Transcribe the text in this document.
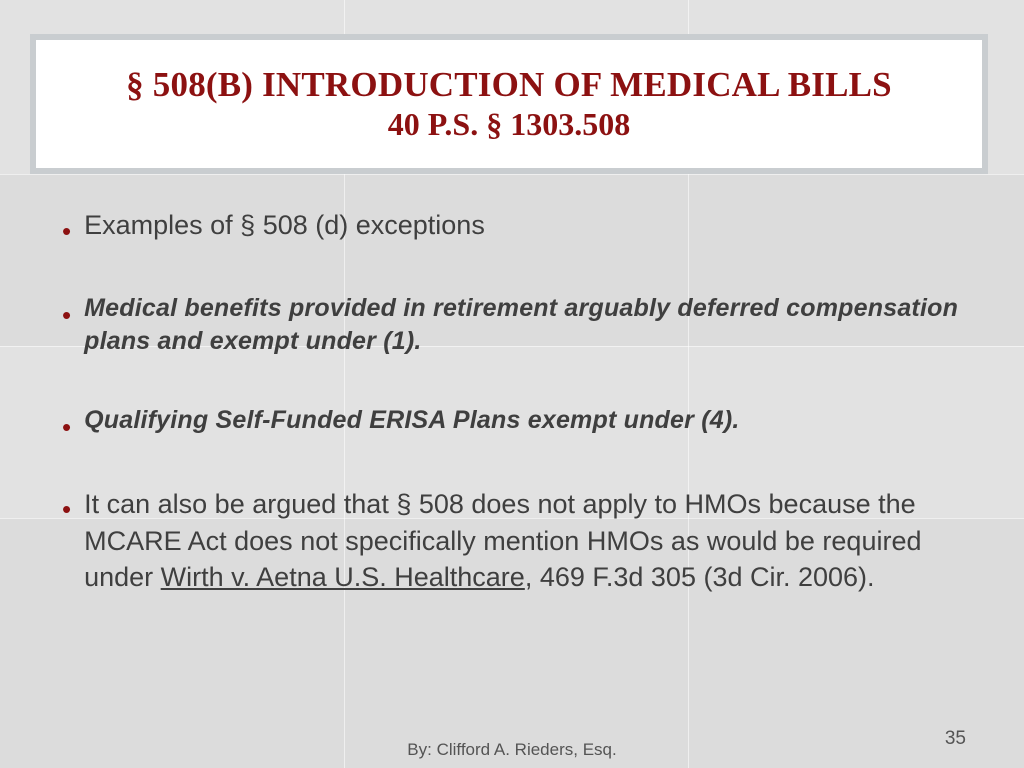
§ 508(B) INTRODUCTION OF MEDICAL BILLS
40 P.S. § 1303.508
• Examples of § 508 (d) exceptions
• Medical benefits provided in retirement arguably deferred compensation plans and exempt under (1).
• Qualifying Self-Funded ERISA Plans exempt under (4).
• It can also be argued that § 508 does not apply to HMOs because the MCARE Act does not specifically mention HMOs as would be required under Wirth v. Aetna U.S. Healthcare, 469 F.3d 305 (3d Cir. 2006).
By: Clifford A. Rieders, Esq.
35
